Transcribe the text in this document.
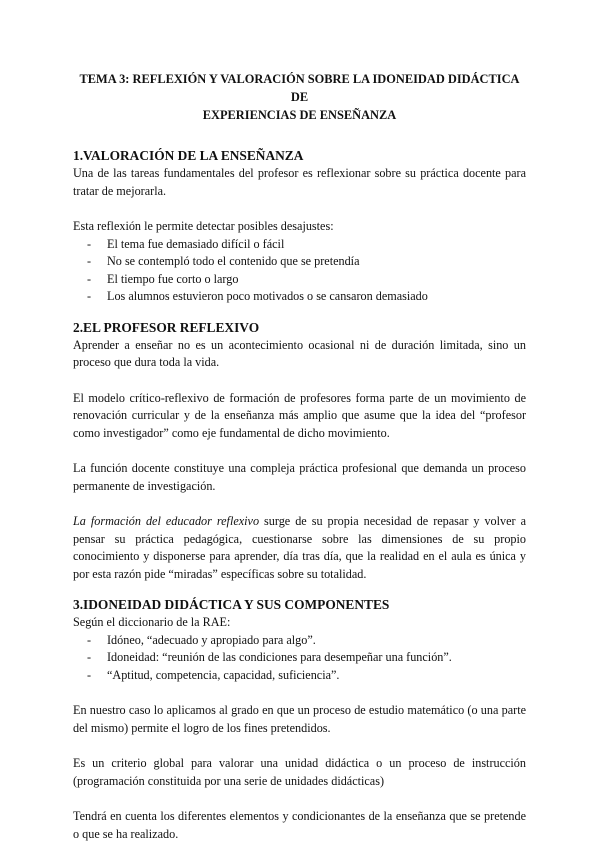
TEMA 3: REFLEXIÓN Y VALORACIÓN SOBRE LA IDONEIDAD DIDÁCTICA DE
EXPERIENCIAS DE ENSEÑANZA
1.VALORACIÓN DE LA ENSEÑANZA

Una de las tareas fundamentales del profesor es reflexionar sobre su práctica docente para tratar de mejorarla.

Esta reflexión le permite detectar posibles desajustes:

- El tema fue demasiado difícil o fácil
- No se contempló todo el contenido que se pretendía
- El tiempo fue corto o largo
- Los alumnos estuvieron poco motivados o se cansaron demasiado
2.EL PROFESOR REFLEXIVO

Aprender a enseñar no es un acontecimiento ocasional ni de duración limitada, sino un proceso que dura toda la vida.

El modelo crítico-reflexivo de formación de profesores forma parte de un movimiento de renovación curricular y de la enseñanza más amplio que asume que la idea del “profesor como investigador” como eje fundamental de dicho movimiento.

La función docente constituye una compleja práctica profesional que demanda un proceso permanente de investigación.

La formación del educador reflexivo surge de su propia necesidad de repasar y volver a pensar su práctica pedagógica, cuestionarse sobre las dimensiones de su propio conocimiento y disponerse para aprender, día tras día, que la realidad en el aula es única y por esta razón pide “miradas” específicas sobre su totalidad.

3.IDONEIDAD DIDÁCTICA Y SUS COMPONENTES

Según el diccionario de la RAE:

- Idóneo, “adecuado y apropiado para algo”.
- Idoneidad: “reunión de las condiciones para desempeñar una función”.
- “Aptitud, competencia, capacidad, suficiencia”.

En nuestro caso lo aplicamos al grado en que un proceso de estudio matemático (o una parte del mismo) permite el logro de los fines pretendidos.

Es un criterio global para valorar una unidad didáctica o un proceso de instrucción (programación constituida por una serie de unidades didácticas)

Tendrá en cuenta los diferentes elementos y condicionantes de la enseñanza que se pretende o que se ha realizado.
